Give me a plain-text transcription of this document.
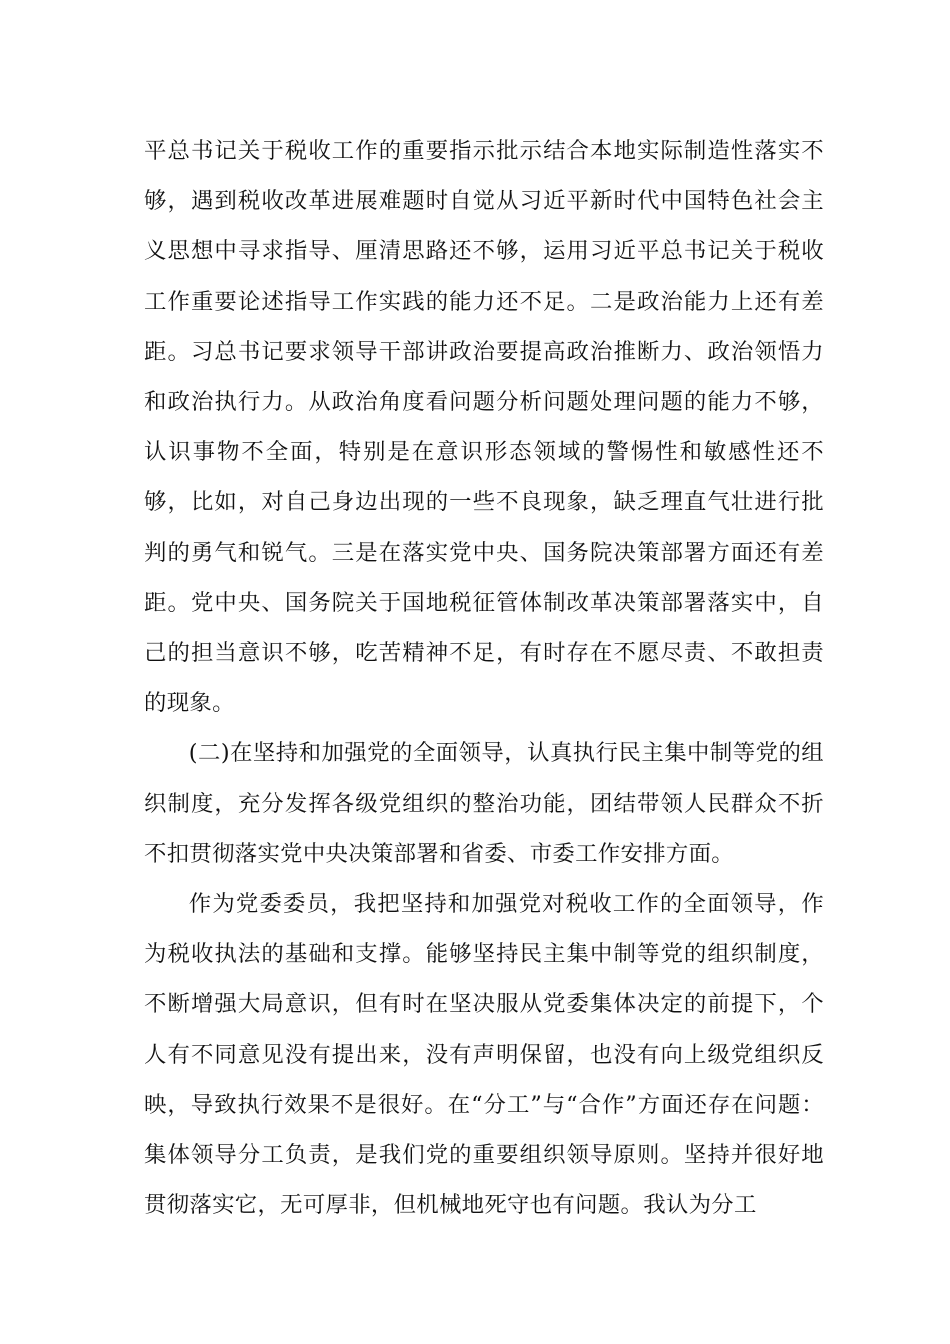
平总书记关于税收工作的重要指示批示结合本地实际制造性落实不够，遇到税收改革进展难题时自觉从习近平新时代中国特色社会主义思想中寻求指导、厘清思路还不够，运用习近平总书记关于税收工作重要论述指导工作实践的能力还不足。二是政治能力上还有差距。习总书记要求领导干部讲政治要提高政治推断力、政治领悟力和政治执行力。从政治角度看问题分析问题处理问题的能力不够，认识事物不全面，特别是在意识形态领域的警惕性和敏感性还不够，比如，对自己身边出现的一些不良现象，缺乏理直气壮进行批判的勇气和锐气。三是在落实党中央、国务院决策部署方面还有差距。党中央、国务院关于国地税征管体制改革决策部署落实中，自己的担当意识不够，吃苦精神不足，有时存在不愿尽责、不敢担责的现象。

(二)在坚持和加强党的全面领导，认真执行民主集中制等党的组织制度，充分发挥各级党组织的整治功能，团结带领人民群众不折不扣贯彻落实党中央决策部署和省委、市委工作安排方面。

作为党委委员，我把坚持和加强党对税收工作的全面领导，作为税收执法的基础和支撑。能够坚持民主集中制等党的组织制度，不断增强大局意识，但有时在坚决服从党委集体决定的前提下，个人有不同意见没有提出来，没有声明保留，也没有向上级党组织反映，导致执行效果不是很好。在“分工”与“合作”方面还存在问题：集体领导分工负责，是我们党的重要组织领导原则。坚持并很好地贯彻落实它，无可厚非，但机械地死守也有问题。我认为分工
